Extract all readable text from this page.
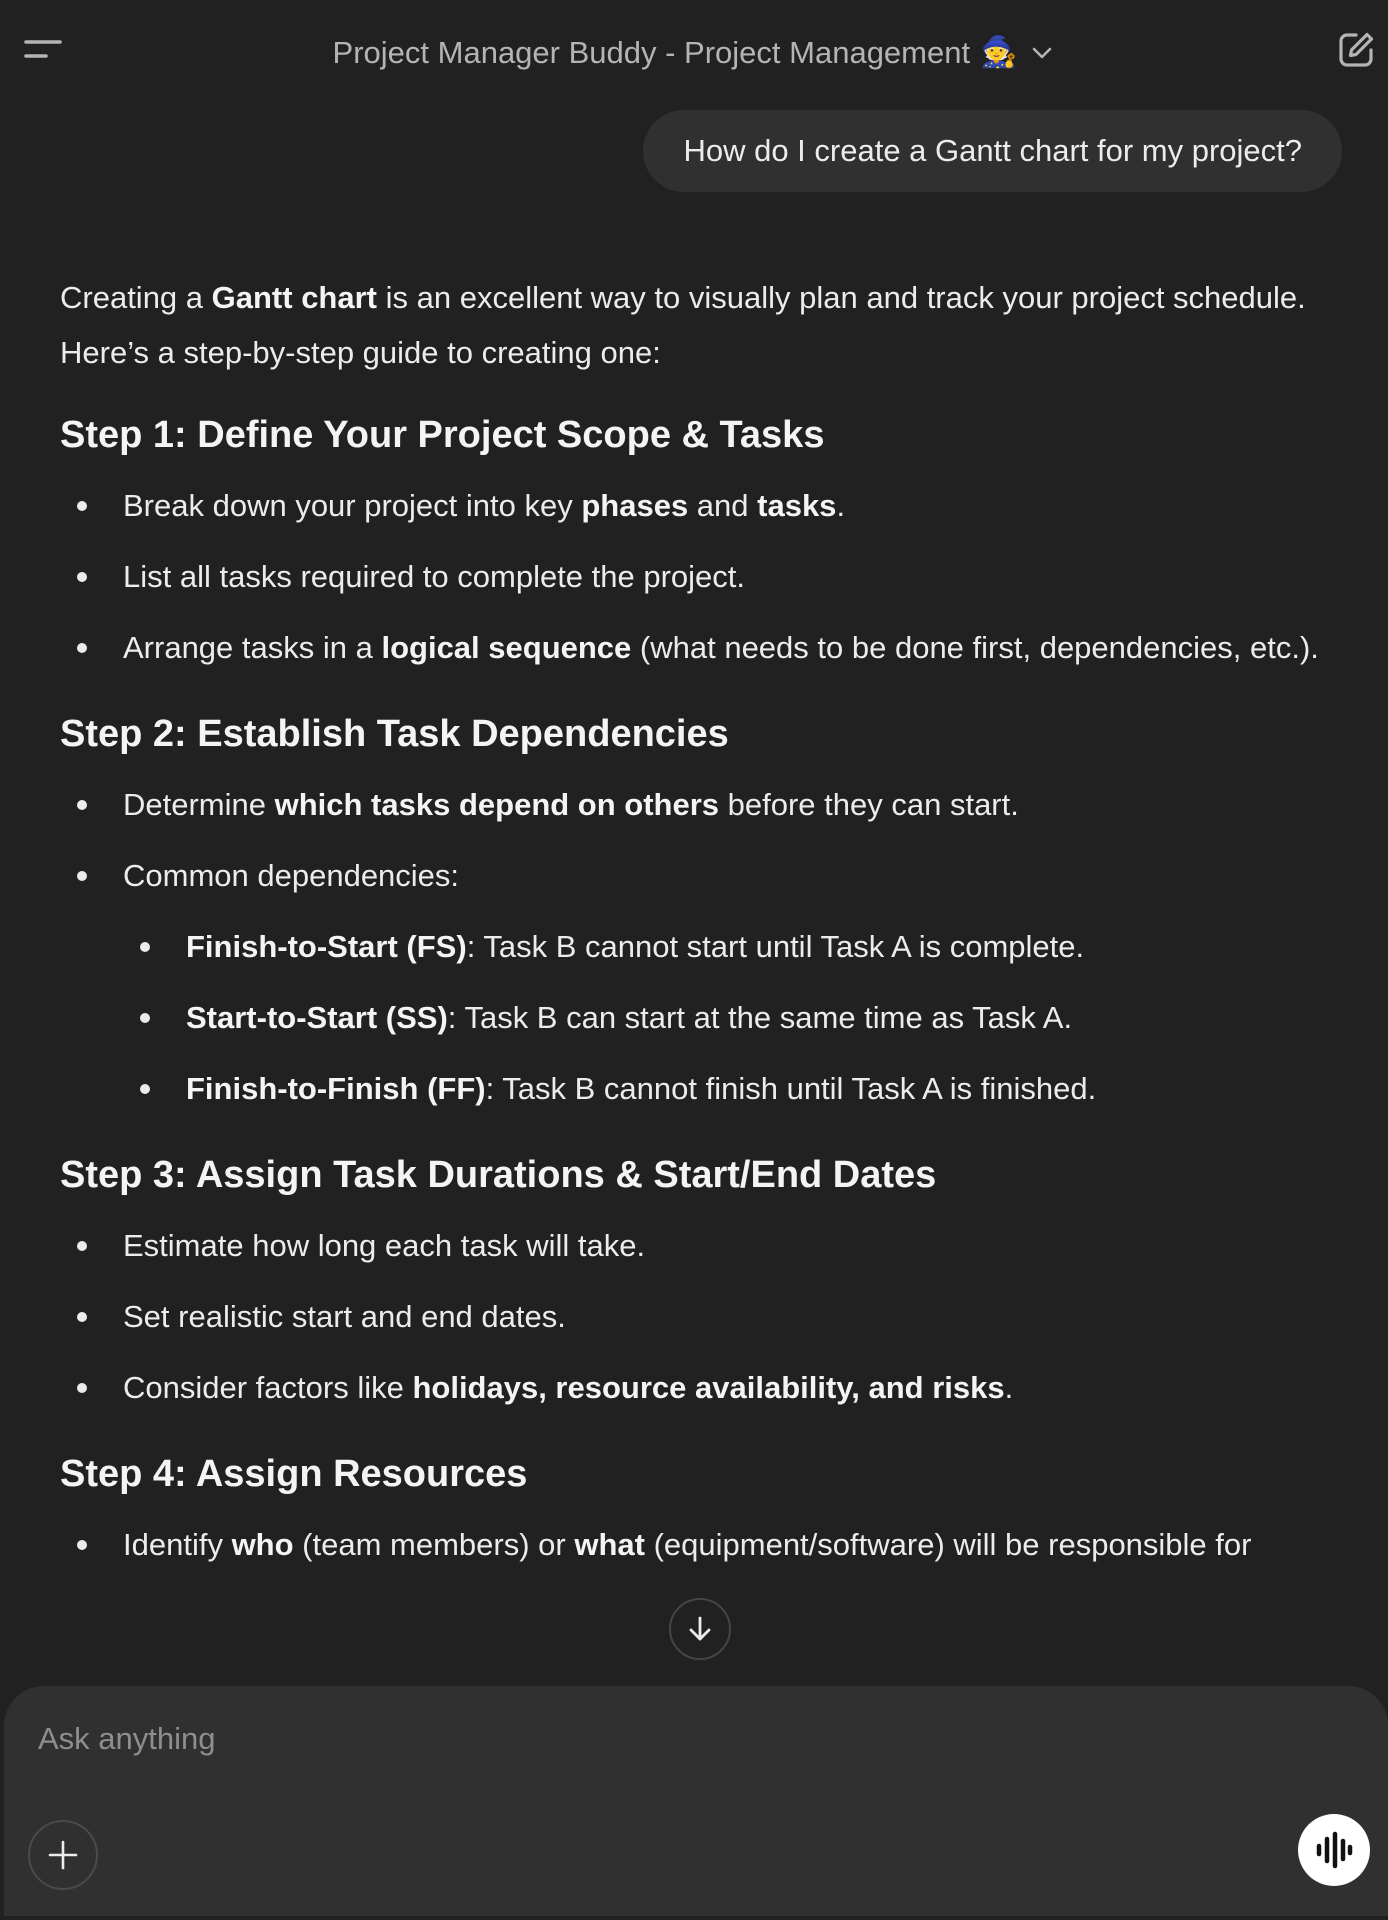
Project Manager Buddy - Project Management 🧙
How do I create a Gantt chart for my project?

Creating a Gantt chart is an excellent way to visually plan and track your project schedule. Here’s a step-by-step guide to creating one:

Step 1: Define Your Project Scope & Tasks
Break down your project into key phases and tasks.
List all tasks required to complete the project.
Arrange tasks in a logical sequence (what needs to be done first, dependencies, etc.).
Step 2: Establish Task Dependencies
Determine which tasks depend on others before they can start.
Common dependencies:
Finish-to-Start (FS): Task B cannot start until Task A is complete.
Start-to-Start (SS): Task B can start at the same time as Task A.
Finish-to-Finish (FF): Task B cannot finish until Task A is finished.
Step 3: Assign Task Durations & Start/End Dates
Estimate how long each task will take.
Set realistic start and end dates.
Consider factors like holidays, resource availability, and risks.
Step 4: Assign Resources
Identify who (team members) or what (equipment/software) will be responsible for
Ask anything
